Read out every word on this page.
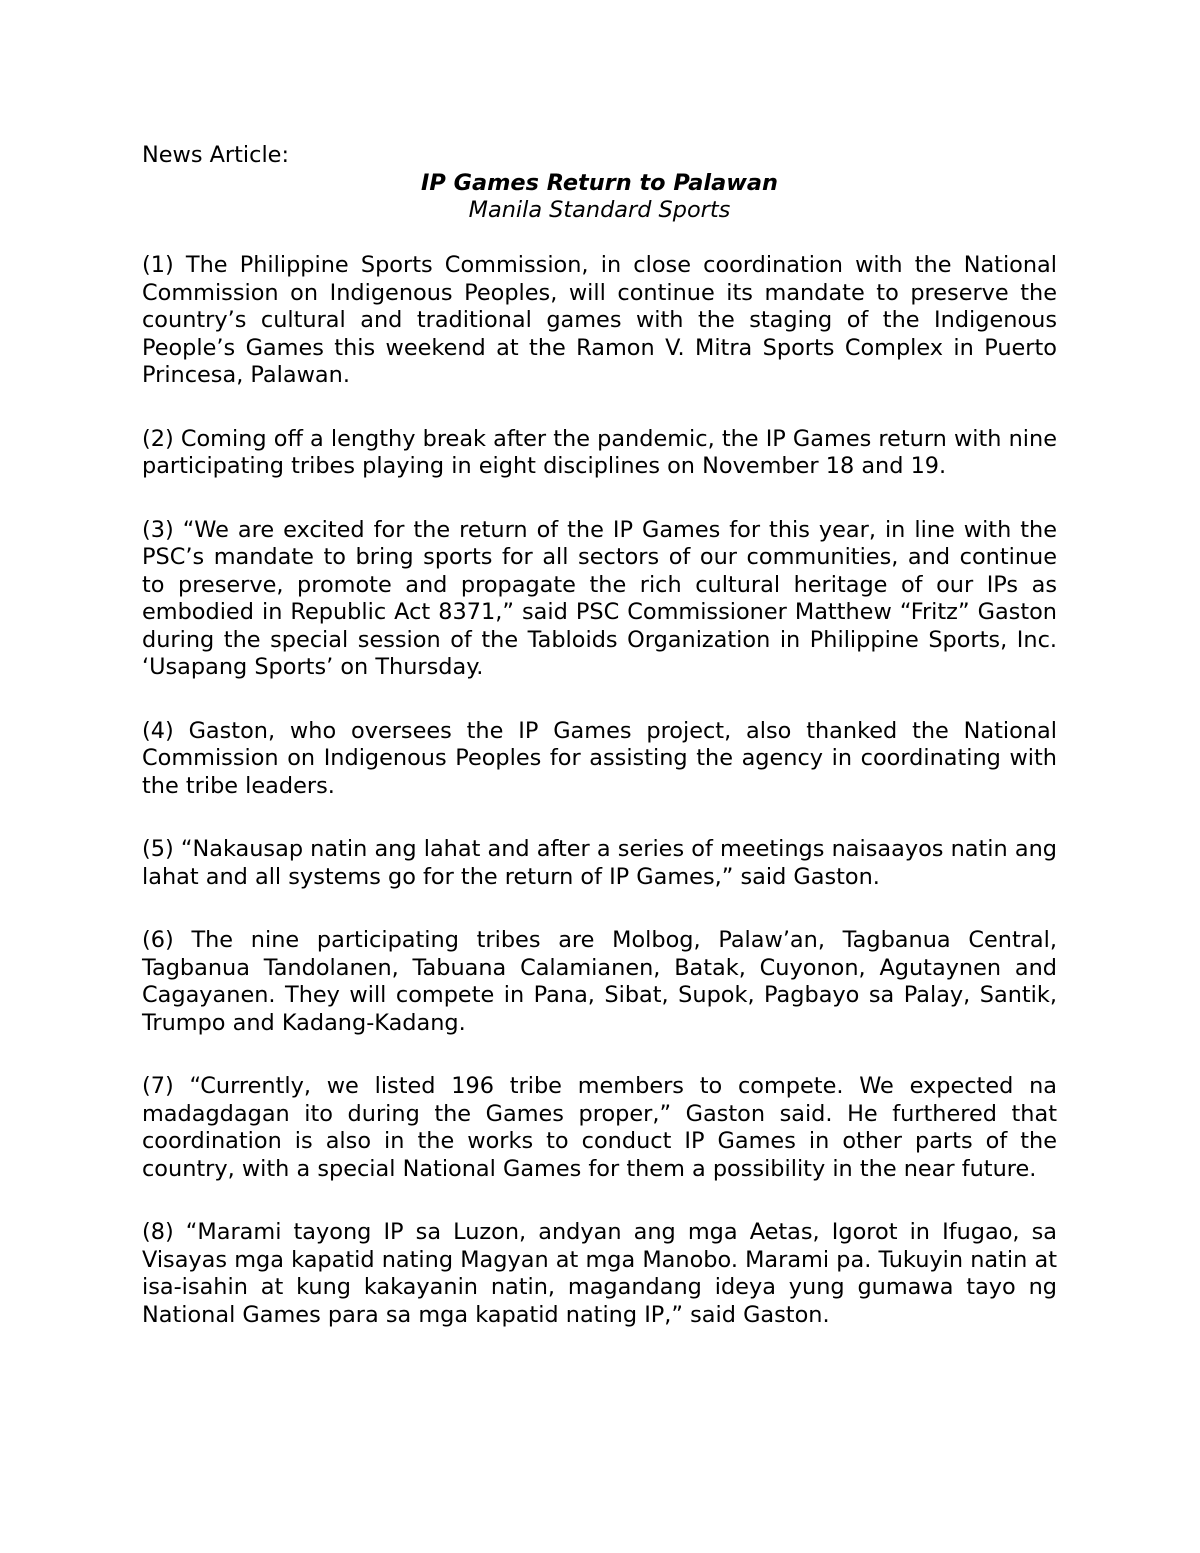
News Article:

IP Games Return to Palawan

Manila Standard Sports

(1) The Philippine Sports Commission, in close coordination with the National Commission on Indigenous Peoples, will continue its mandate to preserve the country’s cultural and traditional games with the staging of the Indigenous People’s Games this weekend at the Ramon V. Mitra Sports Complex in Puerto Princesa, Palawan.

(2) Coming off a lengthy break after the pandemic, the IP Games return with nine participating tribes playing in eight disciplines on November 18 and 19.

(3) “We are excited for the return of the IP Games for this year, in line with the PSC’s mandate to bring sports for all sectors of our communities, and continue to preserve, promote and propagate the rich cultural heritage of our IPs as embodied in Republic Act 8371,” said PSC Commissioner Matthew “Fritz” Gaston during the special session of the Tabloids Organization in Philippine Sports, Inc. ‘Usapang Sports’ on Thursday.

(4) Gaston, who oversees the IP Games project, also thanked the National Commission on Indigenous Peoples for assisting the agency in coordinating with the tribe leaders.

(5) “Nakausap natin ang lahat and after a series of meetings naisaayos natin ang lahat and all systems go for the return of IP Games,” said Gaston.

(6) The nine participating tribes are Molbog, Palaw’an, Tagbanua Central, Tagbanua Tandolanen, Tabuana Calamianen, Batak, Cuyonon, Agutaynen and Cagayanen. They will compete in Pana, Sibat, Supok, Pagbayo sa Palay, Santik, Trumpo and Kadang-Kadang.

(7) “Currently, we listed 196 tribe members to compete. We expected na madagdagan ito during the Games proper,” Gaston said. He furthered that coordination is also in the works to conduct IP Games in other parts of the country, with a special National Games for them a possibility in the near future.

(8) “Marami tayong IP sa Luzon, andyan ang mga Aetas, Igorot in Ifugao, sa Visayas mga kapatid nating Magyan at mga Manobo. Marami pa. Tukuyin natin at isa-isahin at kung kakayanin natin, magandang ideya yung gumawa tayo ng National Games para sa mga kapatid nating IP,” said Gaston.
